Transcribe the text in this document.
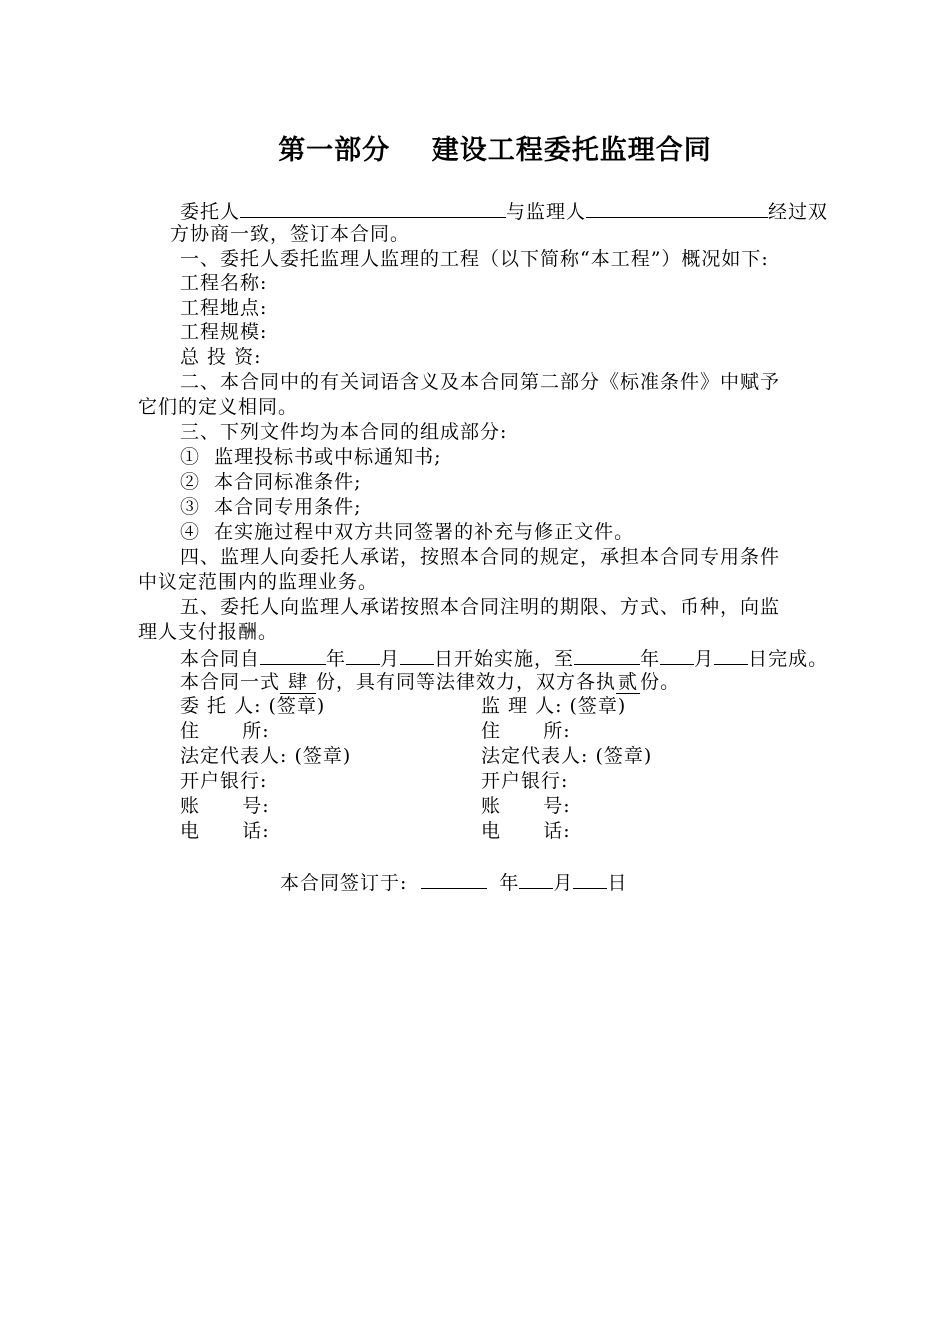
第一部分    建设工程委托监理合同
委托人	与监理人	经过双
方协商一致，签订本合同。
一、委托人委托监理人监理的工程（以下简称“本工程”）概况如下:
工程名称:
工程地点:
工程规模:
总 投 资:
二、本合同中的有关词语含义及本合同第二部分《标准条件》中赋予
它们的定义相同。
三、下列文件均为本合同的组成部分:
①  监理投标书或中标通知书;
②  本合同标准条件;
③  本合同专用条件;
④  在实施过程中双方共同签署的补充与修正文件。
四、监理人向委托人承诺，按照本合同的规定，承担本合同专用条件
中议定范围内的监理业务。
五、委托人向监理人承诺按照本合同注明的期限、方式、币种，向监
理人支付报酬。
本合同自	年 月 日开始实施，至	年 月 日完成。
本合同一式 肆 份，具有同等法律效力，双方各执 贰 份。
委 托 人: (签章)	监 理 人: (签章)
住      所:	住      所:
法定代表人: (签章)	法定代表人: (签章)
开户银行:	开户银行:
账      号:	账      号:
电      话:	电      话:
本合同签订于:	年 月 日
